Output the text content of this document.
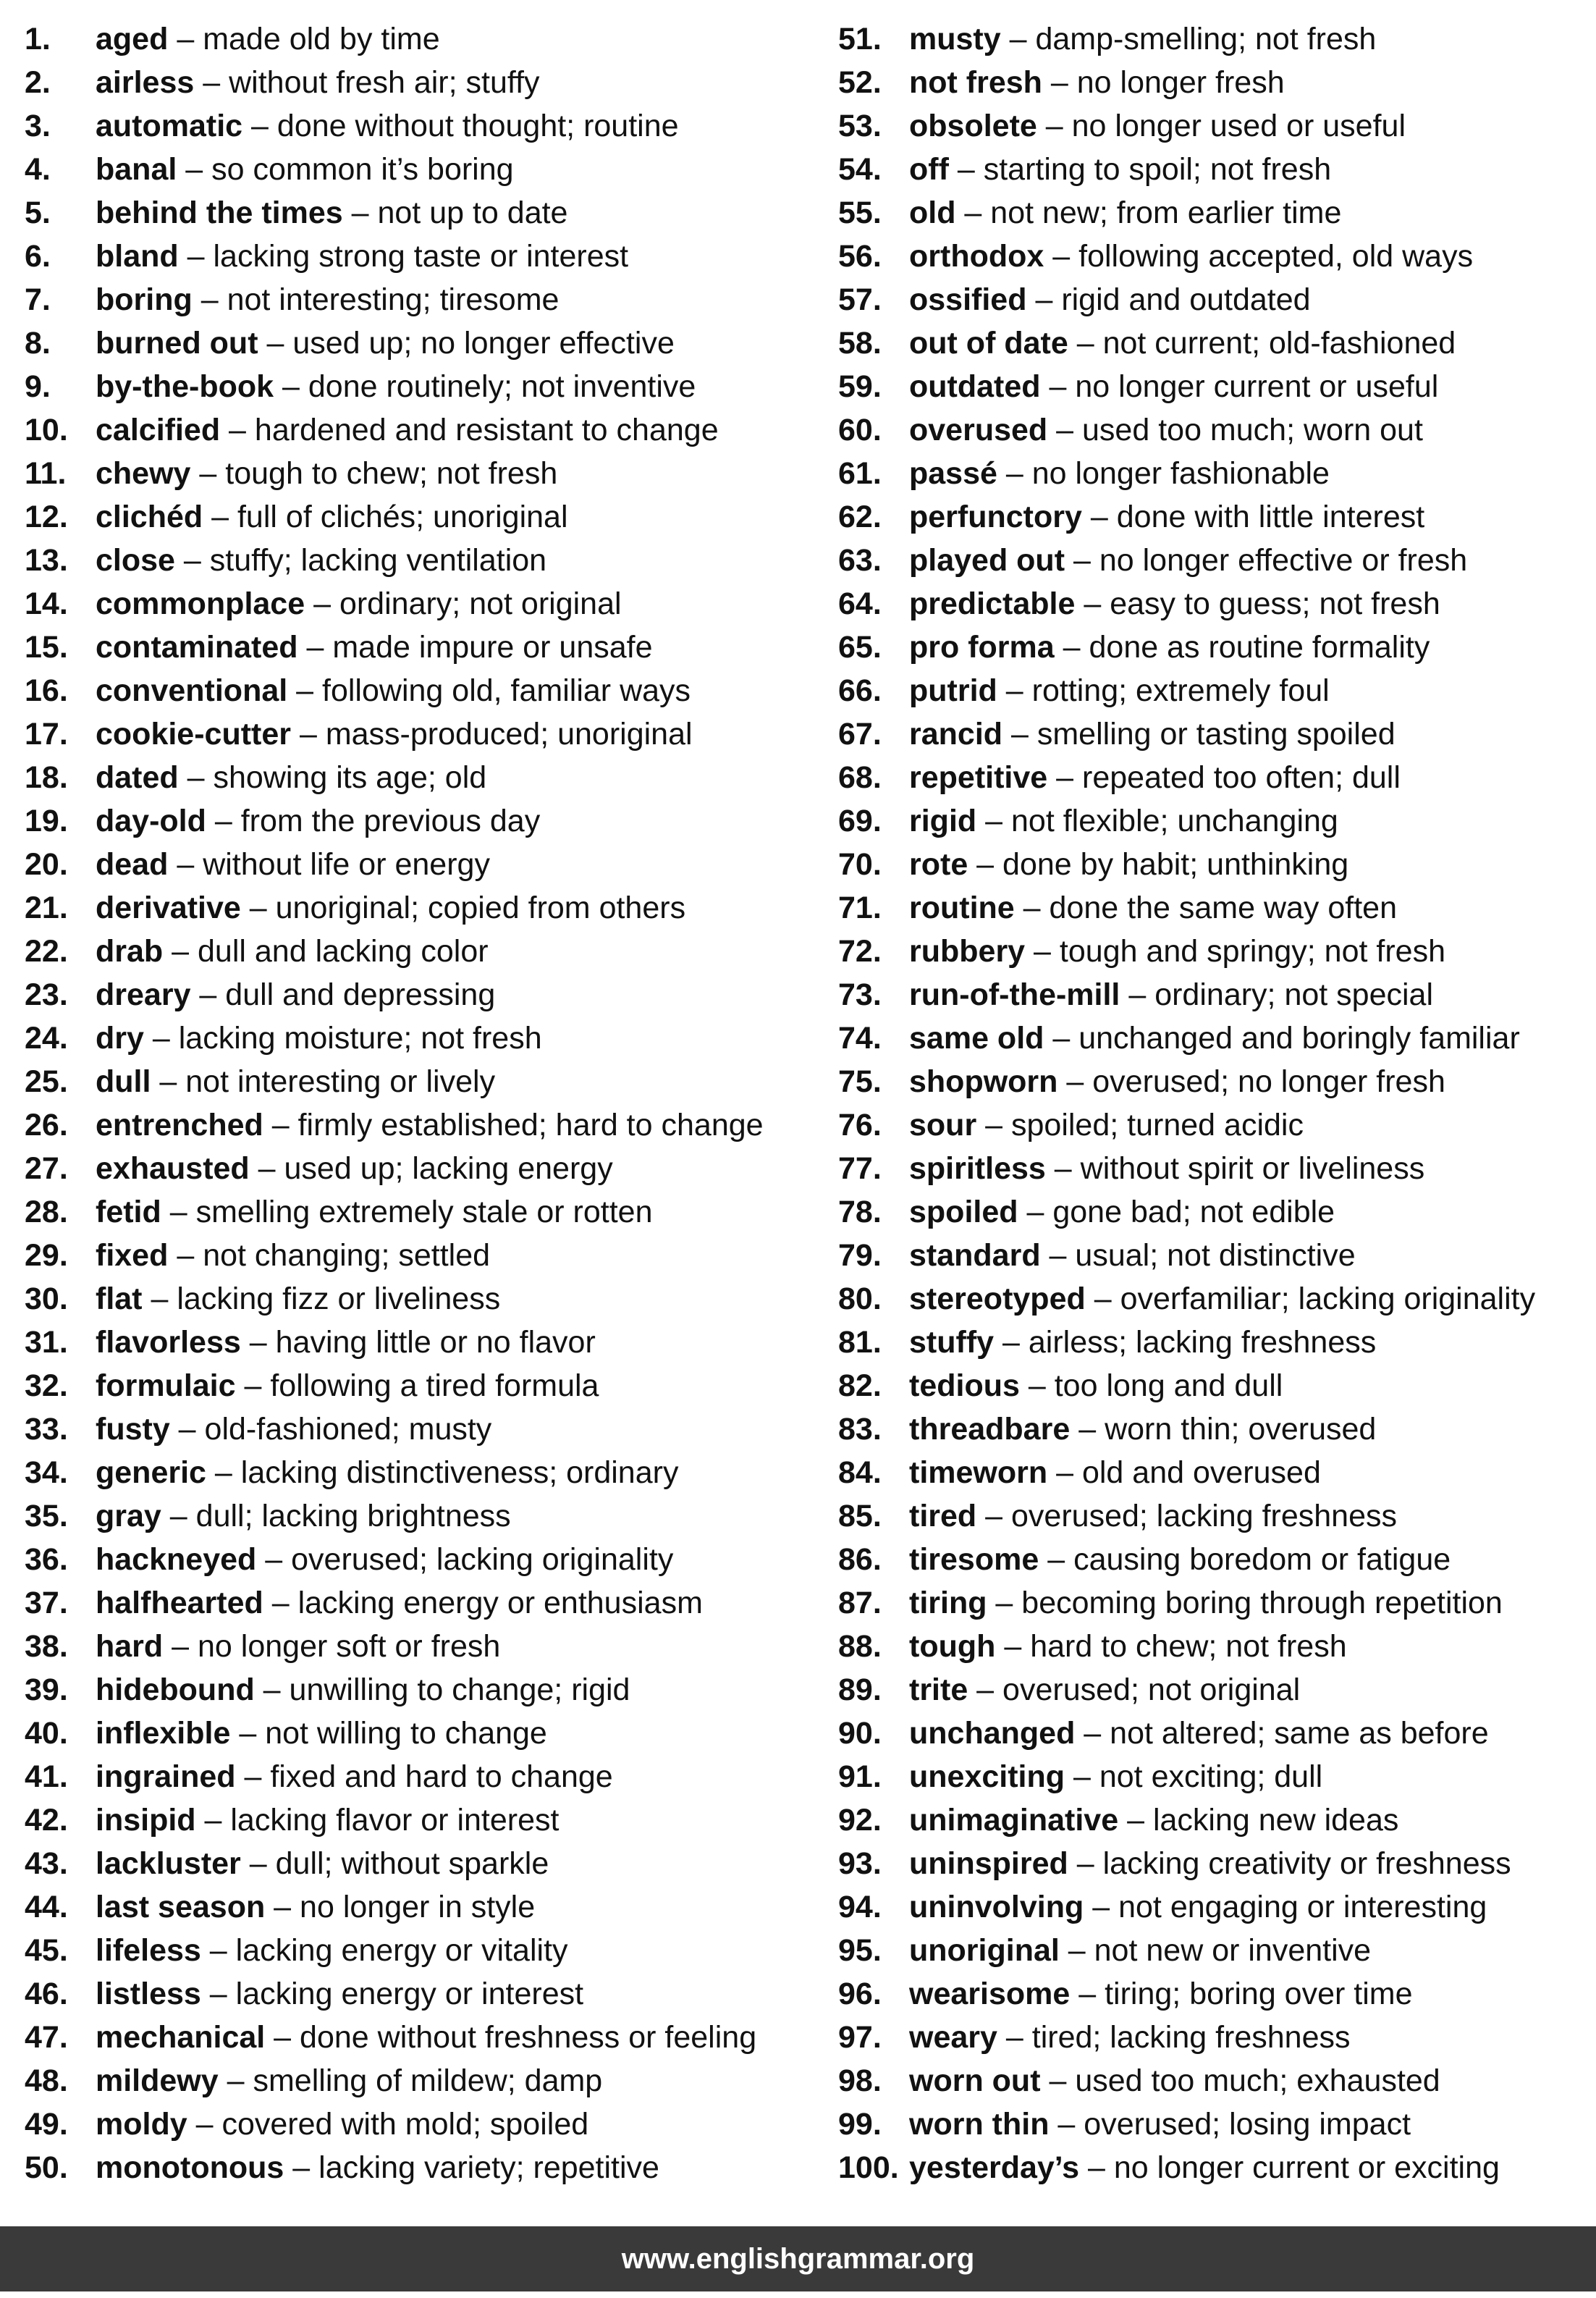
1. aged – made old by time
2. airless – without fresh air; stuffy
3. automatic – done without thought; routine
4. banal – so common it’s boring
5. behind the times – not up to date
6. bland – lacking strong taste or interest
7. boring – not interesting; tiresome
8. burned out – used up; no longer effective
9. by-the-book – done routinely; not inventive
10. calcified – hardened and resistant to change
11. chewy – tough to chew; not fresh
12. clichéd – full of clichés; unoriginal
13. close – stuffy; lacking ventilation
14. commonplace – ordinary; not original
15. contaminated – made impure or unsafe
16. conventional – following old, familiar ways
17. cookie-cutter – mass-produced; unoriginal
18. dated – showing its age; old
19. day-old – from the previous day
20. dead – without life or energy
21. derivative – unoriginal; copied from others
22. drab – dull and lacking color
23. dreary – dull and depressing
24. dry – lacking moisture; not fresh
25. dull – not interesting or lively
26. entrenched – firmly established; hard to change
27. exhausted – used up; lacking energy
28. fetid – smelling extremely stale or rotten
29. fixed – not changing; settled
30. flat – lacking fizz or liveliness
31. flavorless – having little or no flavor
32. formulaic – following a tired formula
33. fusty – old-fashioned; musty
34. generic – lacking distinctiveness; ordinary
35. gray – dull; lacking brightness
36. hackneyed – overused; lacking originality
37. halfhearted – lacking energy or enthusiasm
38. hard – no longer soft or fresh
39. hidebound – unwilling to change; rigid
40. inflexible – not willing to change
41. ingrained – fixed and hard to change
42. insipid – lacking flavor or interest
43. lackluster – dull; without sparkle
44. last season – no longer in style
45. lifeless – lacking energy or vitality
46. listless – lacking energy or interest
47. mechanical – done without freshness or feeling
48. mildewy – smelling of mildew; damp
49. moldy – covered with mold; spoiled
50. monotonous – lacking variety; repetitive
51. musty – damp-smelling; not fresh
52. not fresh – no longer fresh
53. obsolete – no longer used or useful
54. off – starting to spoil; not fresh
55. old – not new; from earlier time
56. orthodox – following accepted, old ways
57. ossified – rigid and outdated
58. out of date – not current; old-fashioned
59. outdated – no longer current or useful
60. overused – used too much; worn out
61. passé – no longer fashionable
62. perfunctory – done with little interest
63. played out – no longer effective or fresh
64. predictable – easy to guess; not fresh
65. pro forma – done as routine formality
66. putrid – rotting; extremely foul
67. rancid – smelling or tasting spoiled
68. repetitive – repeated too often; dull
69. rigid – not flexible; unchanging
70. rote – done by habit; unthinking
71. routine – done the same way often
72. rubbery – tough and springy; not fresh
73. run-of-the-mill – ordinary; not special
74. same old – unchanged and boringly familiar
75. shopworn – overused; no longer fresh
76. sour – spoiled; turned acidic
77. spiritless – without spirit or liveliness
78. spoiled – gone bad; not edible
79. standard – usual; not distinctive
80. stereotyped – overfamiliar; lacking originality
81. stuffy – airless; lacking freshness
82. tedious – too long and dull
83. threadbare – worn thin; overused
84. timeworn – old and overused
85. tired – overused; lacking freshness
86. tiresome – causing boredom or fatigue
87. tiring – becoming boring through repetition
88. tough – hard to chew; not fresh
89. trite – overused; not original
90. unchanged – not altered; same as before
91. unexciting – not exciting; dull
92. unimaginative – lacking new ideas
93. uninspired – lacking creativity or freshness
94. uninvolving – not engaging or interesting
95. unoriginal – not new or inventive
96. wearisome – tiring; boring over time
97. weary – tired; lacking freshness
98. worn out – used too much; exhausted
99. worn thin – overused; losing impact
100. yesterday’s – no longer current or exciting
www.englishgrammar.org
